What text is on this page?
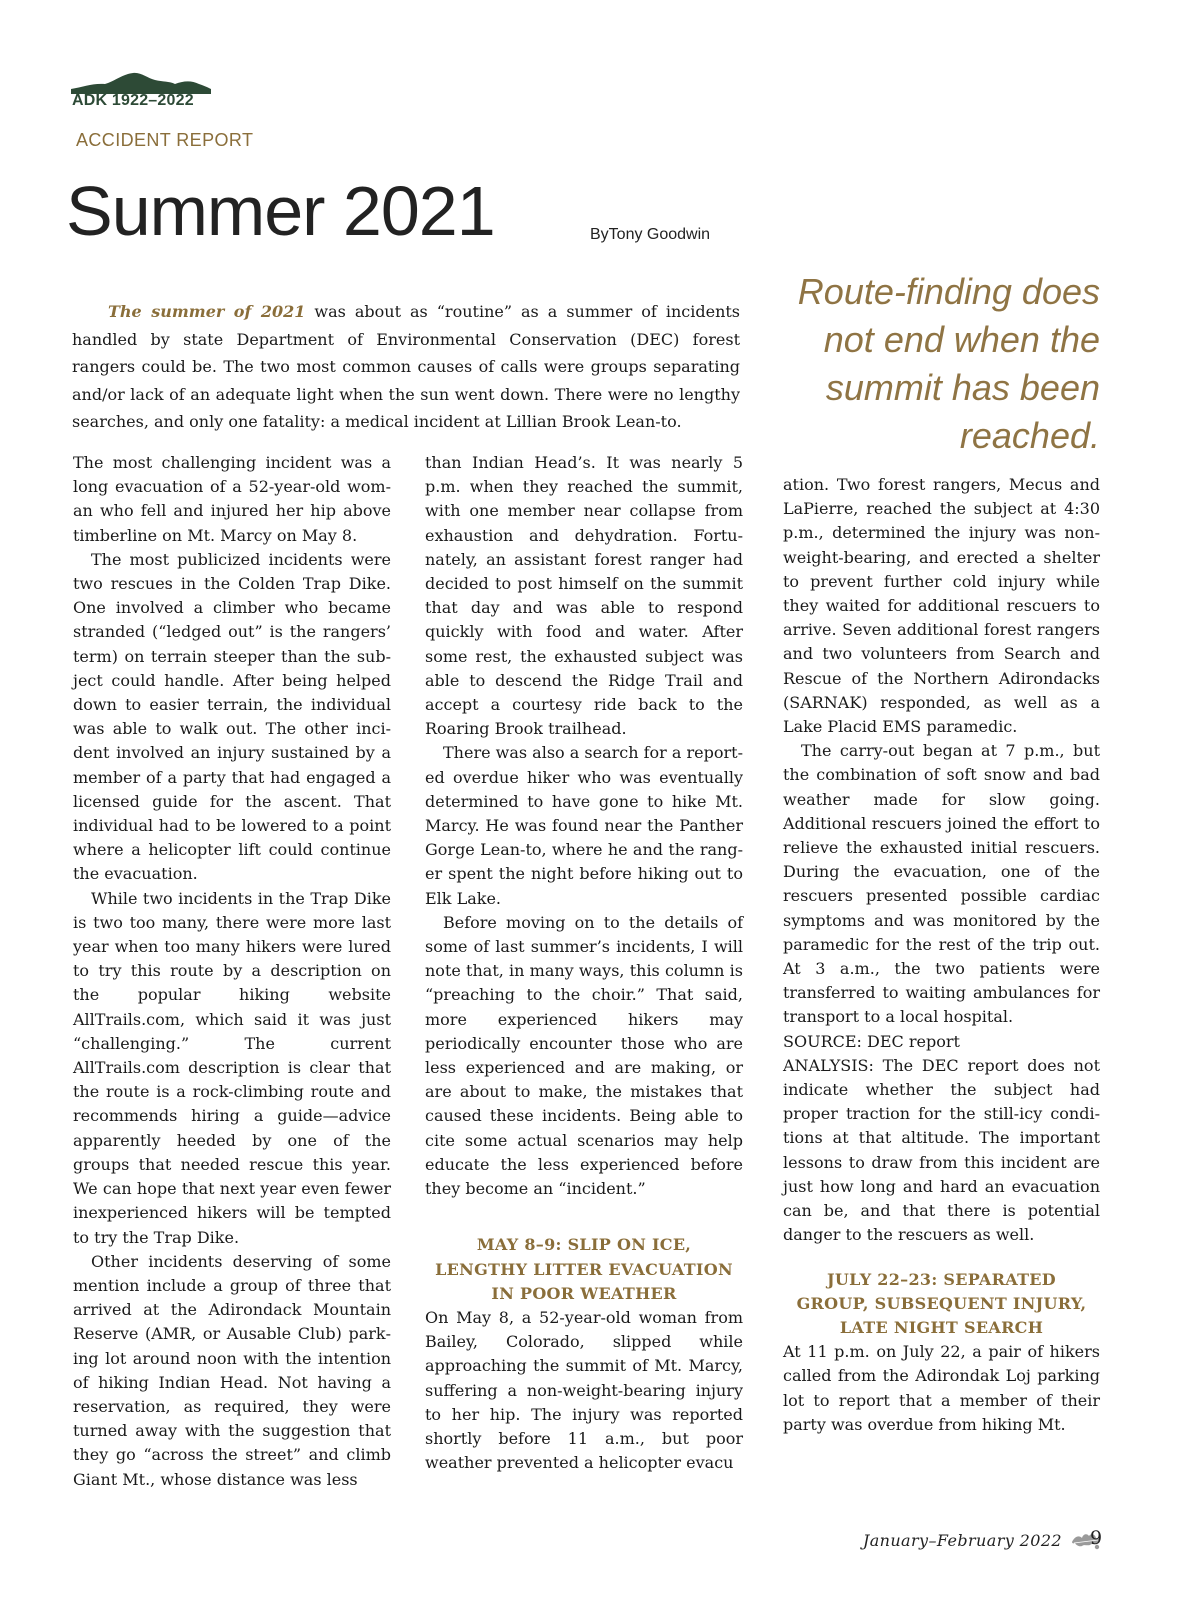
ADK 1922–2022
ACCIDENT REPORT
Summer 2021	ByTony Goodwin
Route-finding does not end when the summit has been reached.

The summer of 2021 was about as “routine” as a summer of incidents handled by state Department of Environmental Conservation (DEC) forest rangers could be. The two most common causes of calls were groups separating and/or lack of an adequate light when the sun went down. There were no lengthy searches, and only one fatality: a medical incident at Lillian Brook Lean-to.

The most challenging incident was a long evacuation of a 52-year-old woman who fell and injured her hip above timberline on Mt. Marcy on May 8.

The most publicized incidents were two rescues in the Colden Trap Dike. One involved a climber who became stranded (“ledged out” is the rangers’ term) on terrain steeper than the subject could handle. After being helped down to easier terrain, the individual was able to walk out. The other incident involved an injury sustained by a member of a party that had engaged a licensed guide for the ascent. That individual had to be lowered to a point where a helicopter lift could continue the evacuation.

While two incidents in the Trap Dike is two too many, there were more last year when too many hikers were lured to try this route by a description on the popular hiking website AllTrails.com, which said it was just “challenging.” The current AllTrails.com description is clear that the route is a rock-climbing route and recommends hiring a guide—advice apparently heeded by one of the groups that needed rescue this year. We can hope that next year even fewer inexperienced hikers will be tempted to try the Trap Dike.

Other incidents deserving of some mention include a group of three that arrived at the Adirondack Mountain Reserve (AMR, or Ausable Club) parking lot around noon with the intention of hiking Indian Head. Not having a reservation, as required, they were turned away with the suggestion that they go “across the street” and climb Giant Mt., whose distance was less

than Indian Head’s. It was nearly 5 p.m. when they reached the summit, with one member near collapse from exhaustion and dehydration. Fortunately, an assistant forest ranger had decided to post himself on the summit that day and was able to respond quickly with food and water. After some rest, the exhausted subject was able to descend the Ridge Trail and accept a courtesy ride back to the Roaring Brook trailhead.

There was also a search for a reported overdue hiker who was eventually determined to have gone to hike Mt. Marcy. He was found near the Panther Gorge Lean-to, where he and the ranger spent the night before hiking out to Elk Lake.

Before moving on to the details of some of last summer’s incidents, I will note that, in many ways, this column is “preaching to the choir.” That said, more experienced hikers may periodically encounter those who are less experienced and are making, or are about to make, the mistakes that caused these incidents. Being able to cite some actual scenarios may help educate the less experienced before they become an “incident.”

MAY 8–9: SLIP ON ICE,
LENGTHY LITTER EVACUATION
IN POOR WEATHER

On May 8, a 52-year-old woman from Bailey, Colorado, slipped while approaching the summit of Mt. Marcy, suffering a non-weight-bearing injury to her hip. The injury was reported shortly before 11 a.m., but poor weather prevented a helicopter evacu

ation. Two forest rangers, Mecus and LaPierre, reached the subject at 4:30 p.m., determined the injury was non-weight-bearing, and erected a shelter to prevent further cold injury while they waited for additional rescuers to arrive. Seven additional forest rangers and two volunteers from Search and Rescue of the Northern Adirondacks (SARNAK) responded, as well as a Lake Placid EMS paramedic.

The carry-out began at 7 p.m., but the combination of soft snow and bad weather made for slow going. Additional rescuers joined the effort to relieve the exhausted initial rescuers. During the evacuation, one of the rescuers presented possible cardiac symptoms and was monitored by the paramedic for the rest of the trip out. At 3 a.m., the two patients were transferred to waiting ambulances for transport to a local hospital.

SOURCE: DEC report

ANALYSIS: The DEC report does not indicate whether the subject had proper traction for the still-icy conditions at that altitude. The important lessons to draw from this incident are just how long and hard an evacuation can be, and that there is potential danger to the rescuers as well.

JULY 22–23: SEPARATED
GROUP, SUBSEQUENT INJURY,
LATE NIGHT SEARCH

At 11 p.m. on July 22, a pair of hikers called from the Adirondak Loj parking lot to report that a member of their party was overdue from hiking Mt.

January–February 2022 9
